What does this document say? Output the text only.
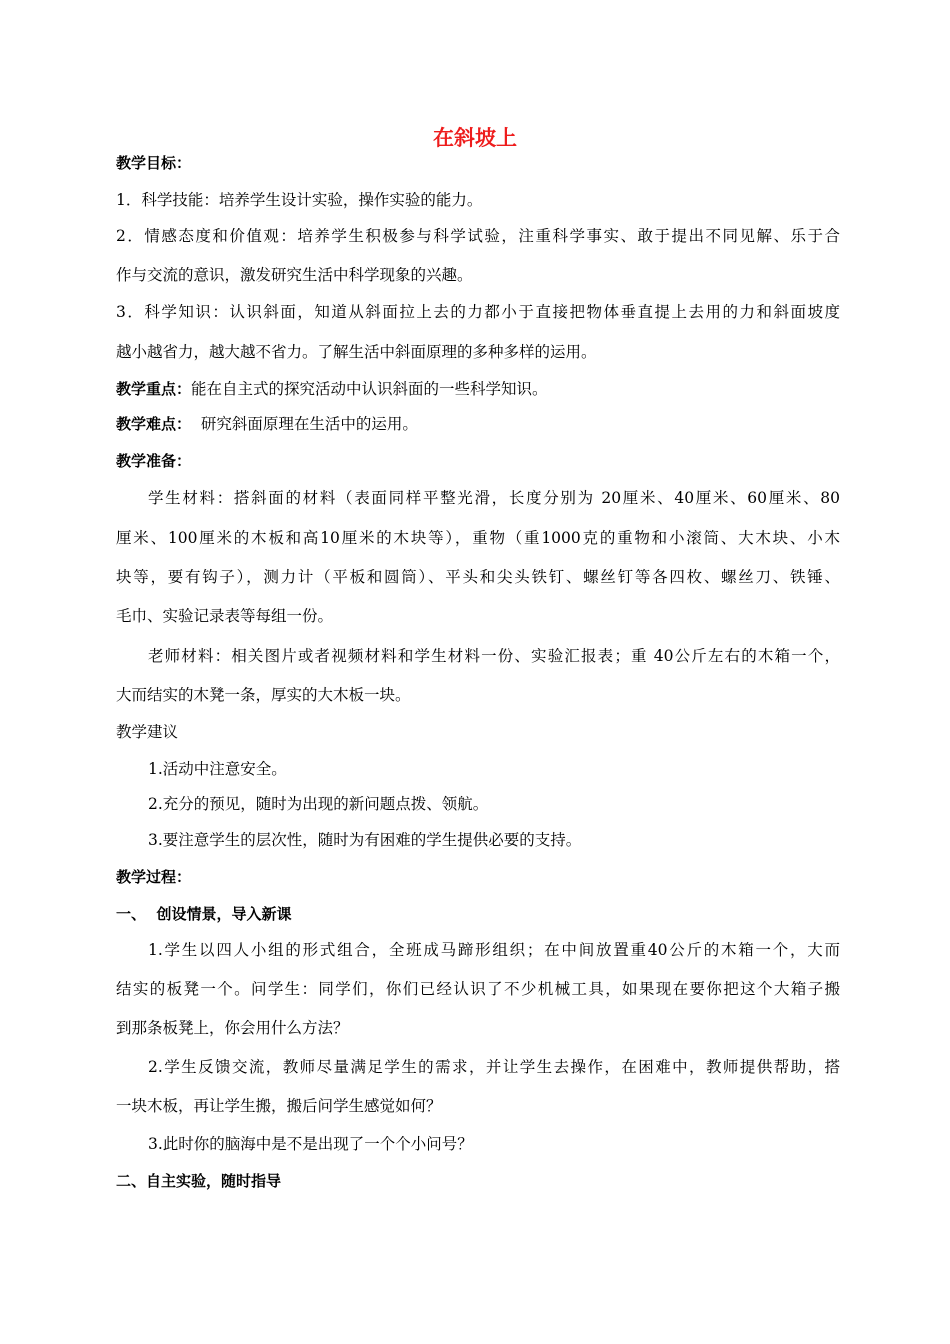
在斜坡上
教学目标：
1．科学技能：培养学生设计实验，操作实验的能力。
2．情感态度和价值观：培养学生积极参与科学试验，注重科学事实、敢于提出不同见解、乐于合
作与交流的意识，激发研究生活中科学现象的兴趣。
3．科学知识：认识斜面，知道从斜面拉上去的力都小于直接把物体垂直提上去用的力和斜面坡度
越小越省力，越大越不省力。了解生活中斜面原理的多种多样的运用。
教学重点：能在自主式的探究活动中认识斜面的一些科学知识。
教学难点：  研究斜面原理在生活中的运用。
教学准备：
学生材料：搭斜面的材料（表面同样平整光滑，长度分别为 20厘米、40厘米、60厘米、80
厘米、100厘米的木板和高10厘米的木块等），重物（重1000克的重物和小滚筒、大木块、小木
块等，要有钩子），测力计（平板和圆筒）、平头和尖头铁钉、螺丝钉等各四枚、螺丝刀、铁锤、
毛巾、实验记录表等每组一份。
老师材料：相关图片或者视频材料和学生材料一份、实验汇报表；重 40公斤左右的木箱一个，
大而结实的木凳一条，厚实的大木板一块。
教学建议
1.活动中注意安全。
2.充分的预见，随时为出现的新问题点拨、领航。
3.要注意学生的层次性，随时为有困难的学生提供必要的支持。
教学过程：
一、  创设情景，导入新课
1.学生以四人小组的形式组合，全班成马蹄形组织；在中间放置重40公斤的木箱一个，大而
结实的板凳一个。问学生：同学们，你们已经认识了不少机械工具，如果现在要你把这个大箱子搬
到那条板凳上，你会用什么方法？
2.学生反馈交流，教师尽量满足学生的需求，并让学生去操作，在困难中，教师提供帮助，搭
一块木板，再让学生搬，搬后问学生感觉如何？
3.此时你的脑海中是不是出现了一个个小问号？
二、自主实验，随时指导
